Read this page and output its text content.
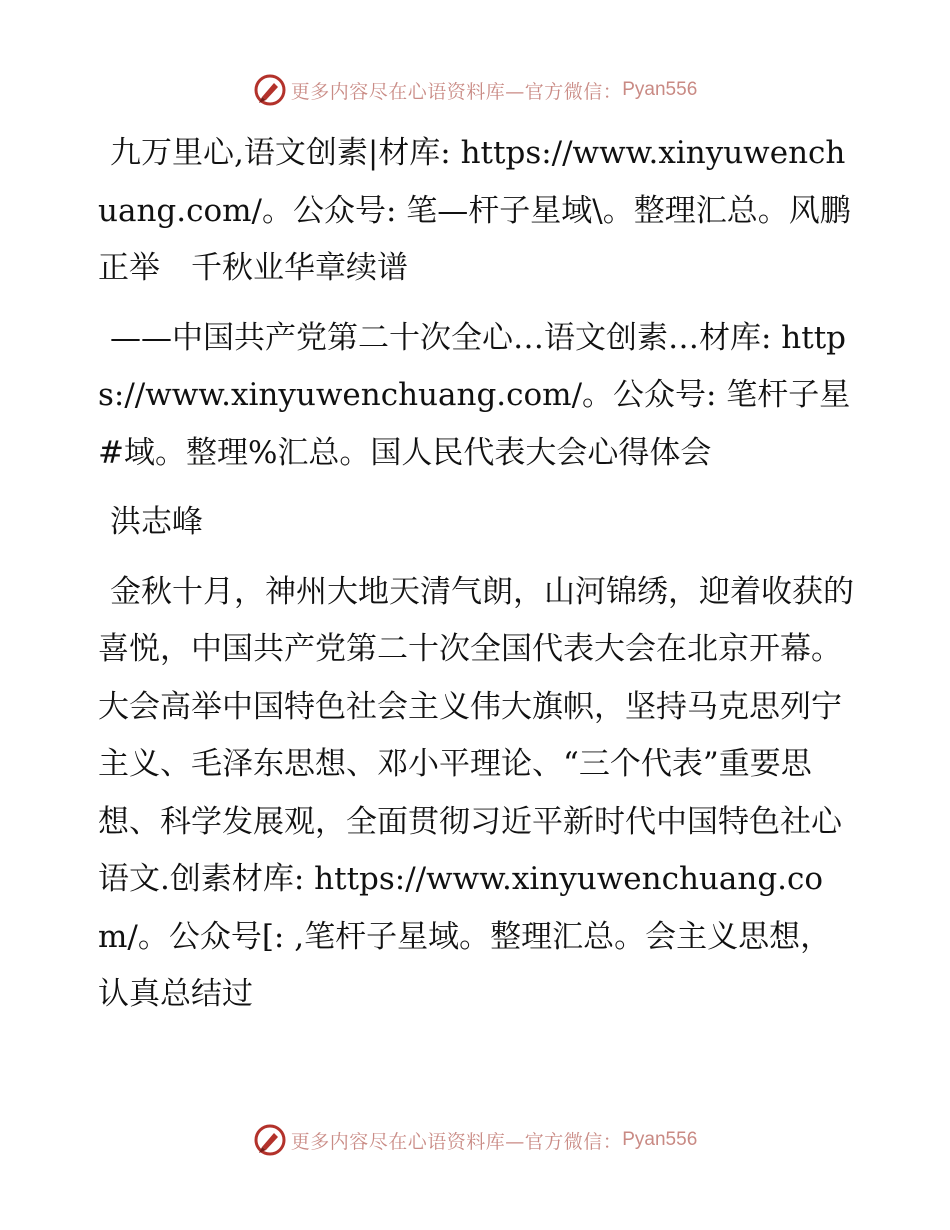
更多内容尽在心语资料库—官方微信： Pyan556

九万里心,语文创素|材库: https://www.xinyuwenchuang.com/。公众号: 笔—杆子星域\。整理汇总。风鹏正举　千秋业华章续谱

——中国共产党第二十次全心…语文创素…材库: https://www.xinyuwenchuang.com/。公众号: 笔杆子星#域。整理%汇总。国人民代表大会心得体会

洪志峰

金秋十月，神州大地天清气朗，山河锦绣，迎着收获的喜悦，中国共产党第二十次全国代表大会在北京开幕。大会高举中国特色社会主义伟大旗帜，坚持马克思列宁主义、毛泽东思想、邓小平理论、“三个代表”重要思想、科学发展观，全面贯彻习近平新时代中国特色社心语文.创素材库: https://www.xinyuwenchuang.com/。公众号[: ,笔杆子星域。整理汇总。会主义思想，认真总结过

更多内容尽在心语资料库—官方微信： Pyan556
